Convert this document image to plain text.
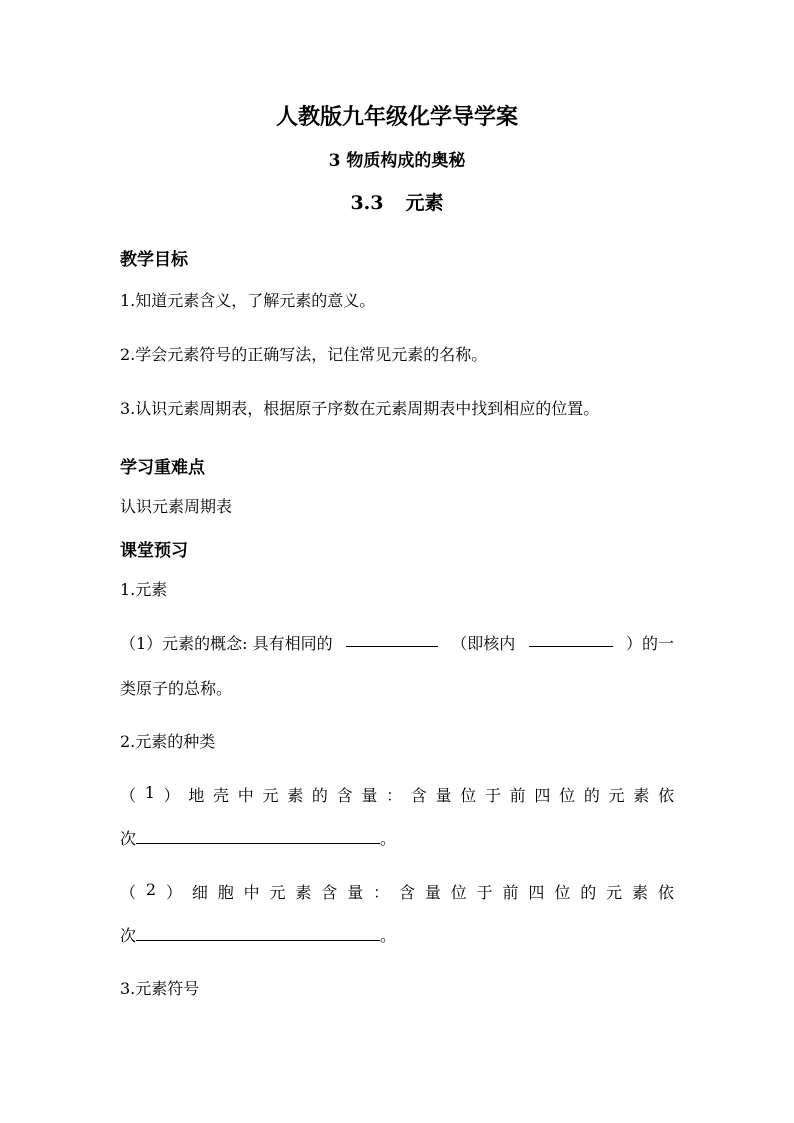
人教版九年级化学导学案
3 物质构成的奥秘
3.3 元素
教学目标
1.知道元素含义，了解元素的意义。
2.学会元素符号的正确写法，记住常见元素的名称。
3.认识元素周期表，根据原子序数在元素周期表中找到相应的位置。
学习重难点
认识元素周期表
课堂预习
1.元素
（1）元素的概念: 具有相同的	（即核内	）的一
类原子的总称。
2.元素的种类
（ 1 ） 地 壳 中 元 素 的 含 量 ： 含 量 位 于 前 四 位 的 元 素 依
次	。
（ 2 ） 细 胞 中 元 素 含 量 ： 含 量 位 于 前 四 位 的 元 素 依
次	。
3.元素符号
